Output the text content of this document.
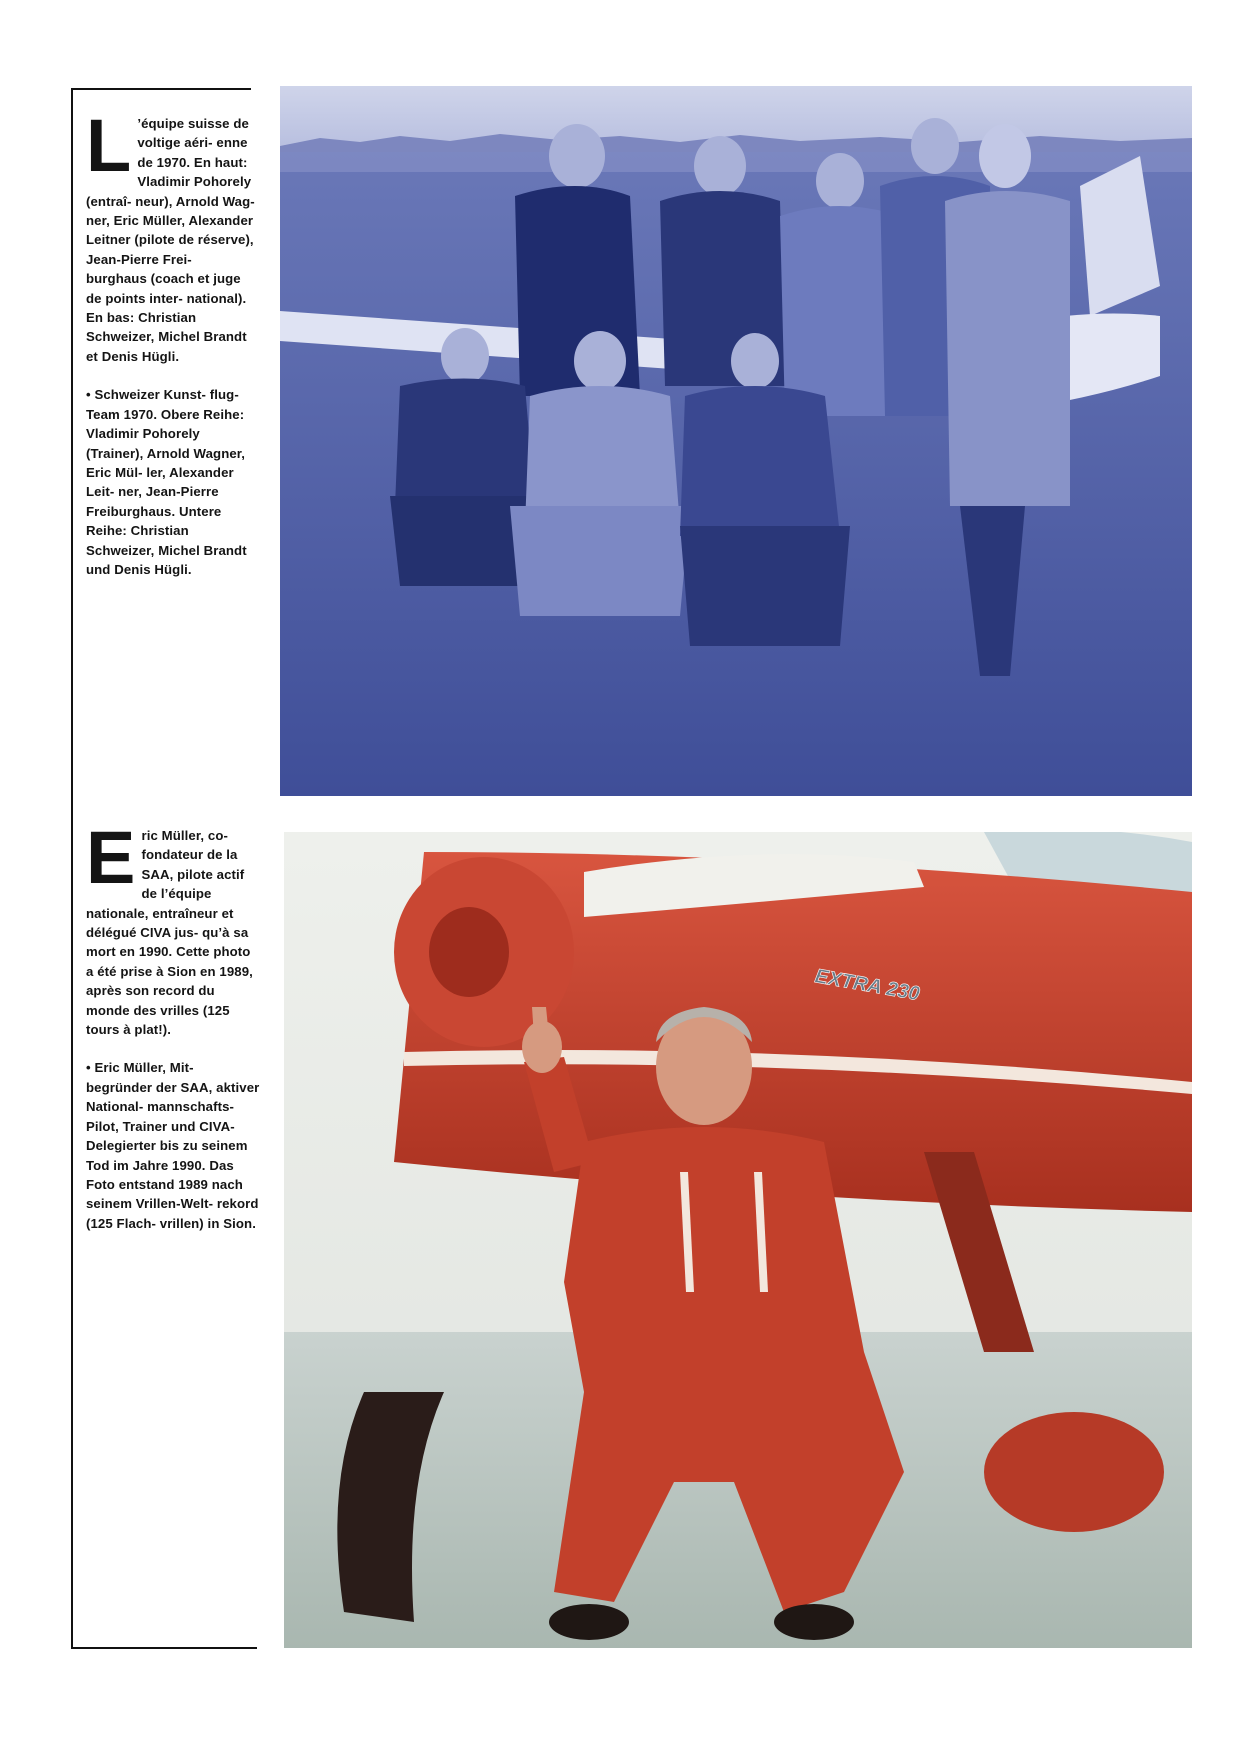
L ’équipe suisse de voltige aéri- enne de 1970. En haut: Vladimir Pohorely (entraî- neur), Arnold Wag- ner, Eric Müller, Alexander Leitner (pilote de réserve), Jean-Pierre Frei- burghaus (coach et juge de points inter- national). En bas: Christian Schweizer, Michel Brandt et Denis Hügli.

• Schweizer Kunst- flug-Team 1970. Obere Reihe: Vladimir Pohorely (Trainer), Arnold Wagner, Eric Mül- ler, Alexander Leit- ner, Jean-Pierre Freiburghaus. Untere Reihe: Christian Schweizer, Michel Brandt und Denis Hügli.

Eric Müller, co- fondateur de la SAA, pilote actif de l’équipe nationale, entraîneur et délégué CIVA jus- qu’à sa mort en 1990. Cette photo a été prise à Sion en 1989, après son record du monde des vrilles (125 tours à plat!).

• Eric Müller, Mit- begründer der SAA, aktiver National- mannschafts-Pilot, Trainer und CIVA- Delegierter bis zu seinem Tod im Jahre 1990. Das Foto entstand 1989 nach seinem Vrillen-Welt- rekord (125 Flach- vrillen) in Sion.

EXTRA 230
